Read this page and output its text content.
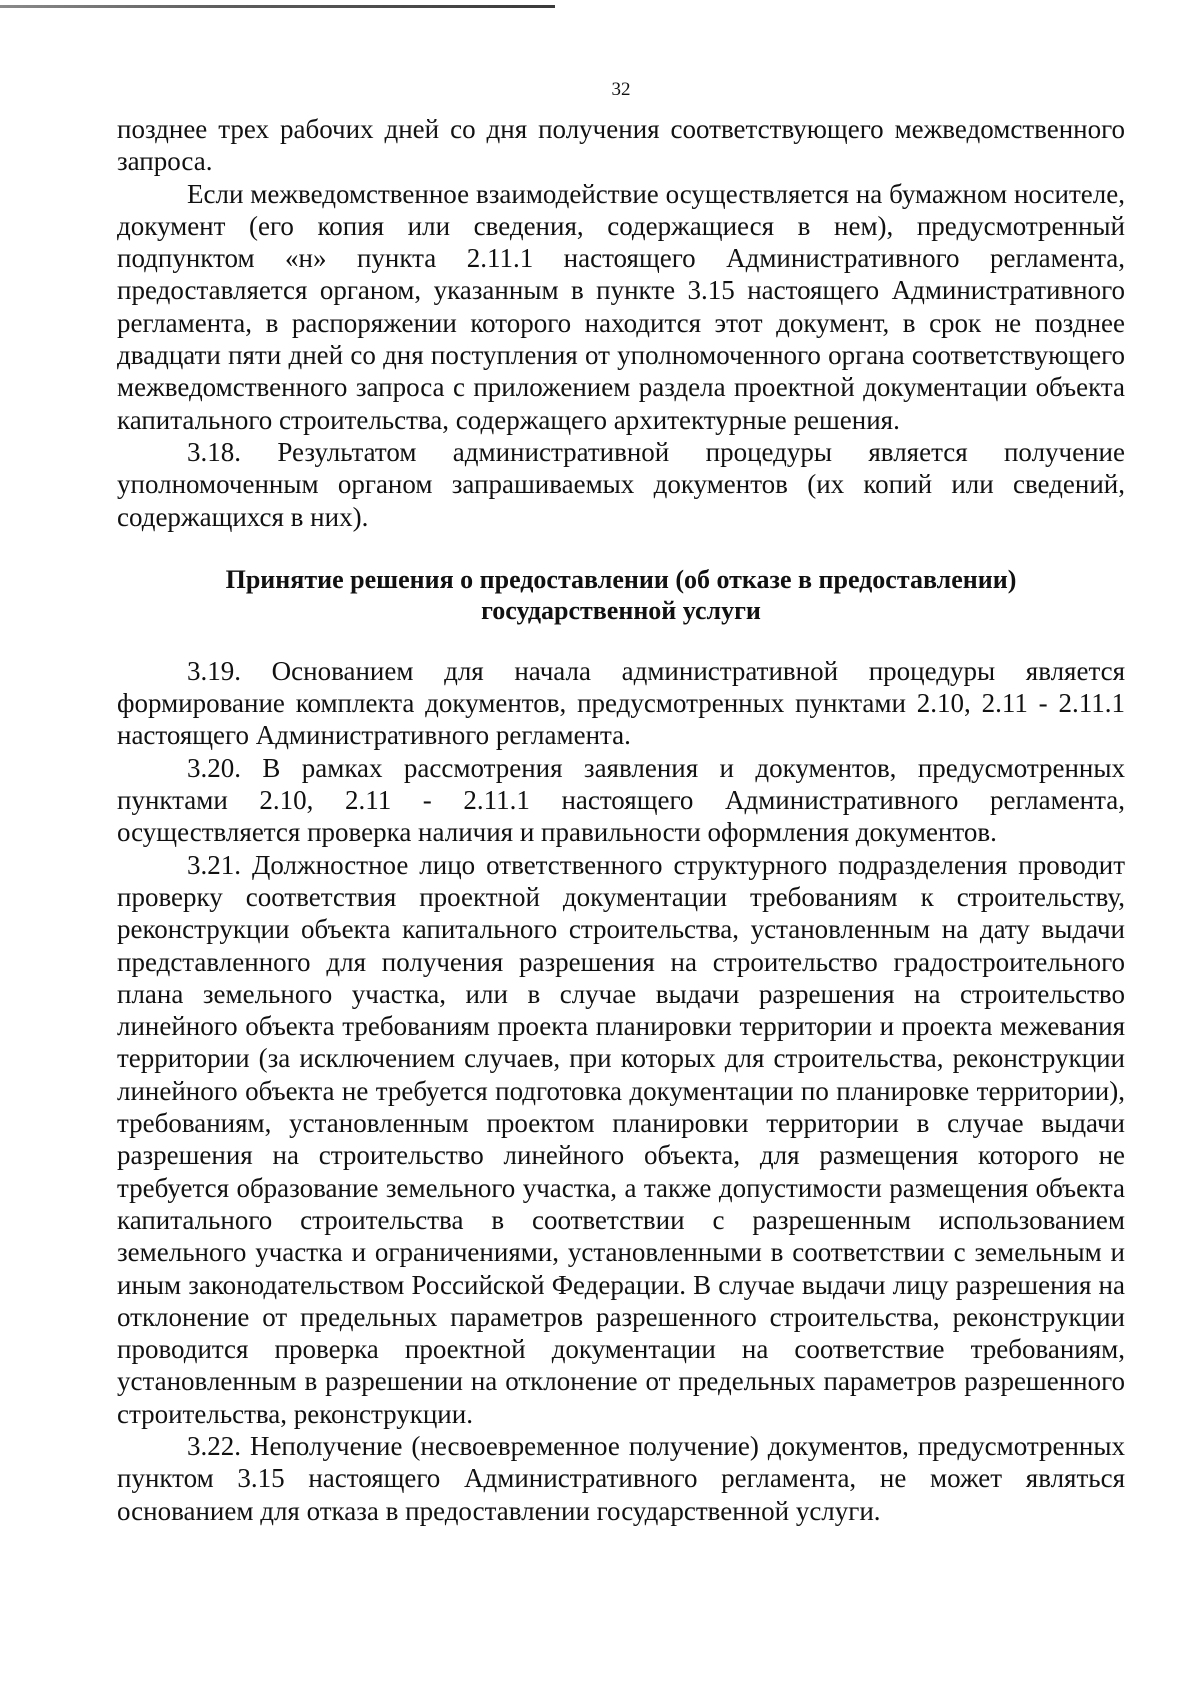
32

позднее трех рабочих дней со дня получения соответствующего межведомственного запроса.

Если межведомственное взаимодействие осуществляется на бумажном носителе, документ (его копия или сведения, содержащиеся в нем), предусмотренный подпунктом «н» пункта 2.11.1 настоящего Административного регламента, предоставляется органом, указанным в пункте 3.15 настоящего Административного регламента, в распоряжении которого находится этот документ, в срок не позднее двадцати пяти дней со дня поступления от уполномоченного органа соответствующего межведомственного запроса с приложением раздела проектной документации объекта капитального строительства, содержащего архитектурные решения.

3.18. Результатом административной процедуры является получение уполномоченным органом запрашиваемых документов (их копий или сведений, содержащихся в них).

Принятие решения о предоставлении (об отказе в предоставлении)
государственной услуги

3.19. Основанием для начала административной процедуры является формирование комплекта документов, предусмотренных пунктами 2.10, 2.11 - 2.11.1 настоящего Административного регламента.

3.20. В рамках рассмотрения заявления и документов, предусмотренных пунктами 2.10, 2.11 - 2.11.1 настоящего Административного регламента, осуществляется проверка наличия и правильности оформления документов.

3.21. Должностное лицо ответственного структурного подразделения проводит проверку соответствия проектной документации требованиям к строительству, реконструкции объекта капитального строительства, установленным на дату выдачи представленного для получения разрешения на строительство градостроительного плана земельного участка, или в случае выдачи разрешения на строительство линейного объекта требованиям проекта планировки территории и проекта межевания территории (за исключением случаев, при которых для строительства, реконструкции линейного объекта не требуется подготовка документации по планировке территории), требованиям, установленным проектом планировки территории в случае выдачи разрешения на строительство линейного объекта, для размещения которого не требуется образование земельного участка, а также допустимости размещения объекта капитального строительства в соответствии с разрешенным использованием земельного участка и ограничениями, установленными в соответствии с земельным и иным законодательством Российской Федерации. В случае выдачи лицу разрешения на отклонение от предельных параметров разрешенного строительства, реконструкции проводится проверка проектной документации на соответствие требованиям, установленным в разрешении на отклонение от предельных параметров разрешенного строительства, реконструкции.

3.22. Неполучение (несвоевременное получение) документов, предусмотренных пунктом 3.15 настоящего Административного регламента, не может являться основанием для отказа в предоставлении государственной услуги.
